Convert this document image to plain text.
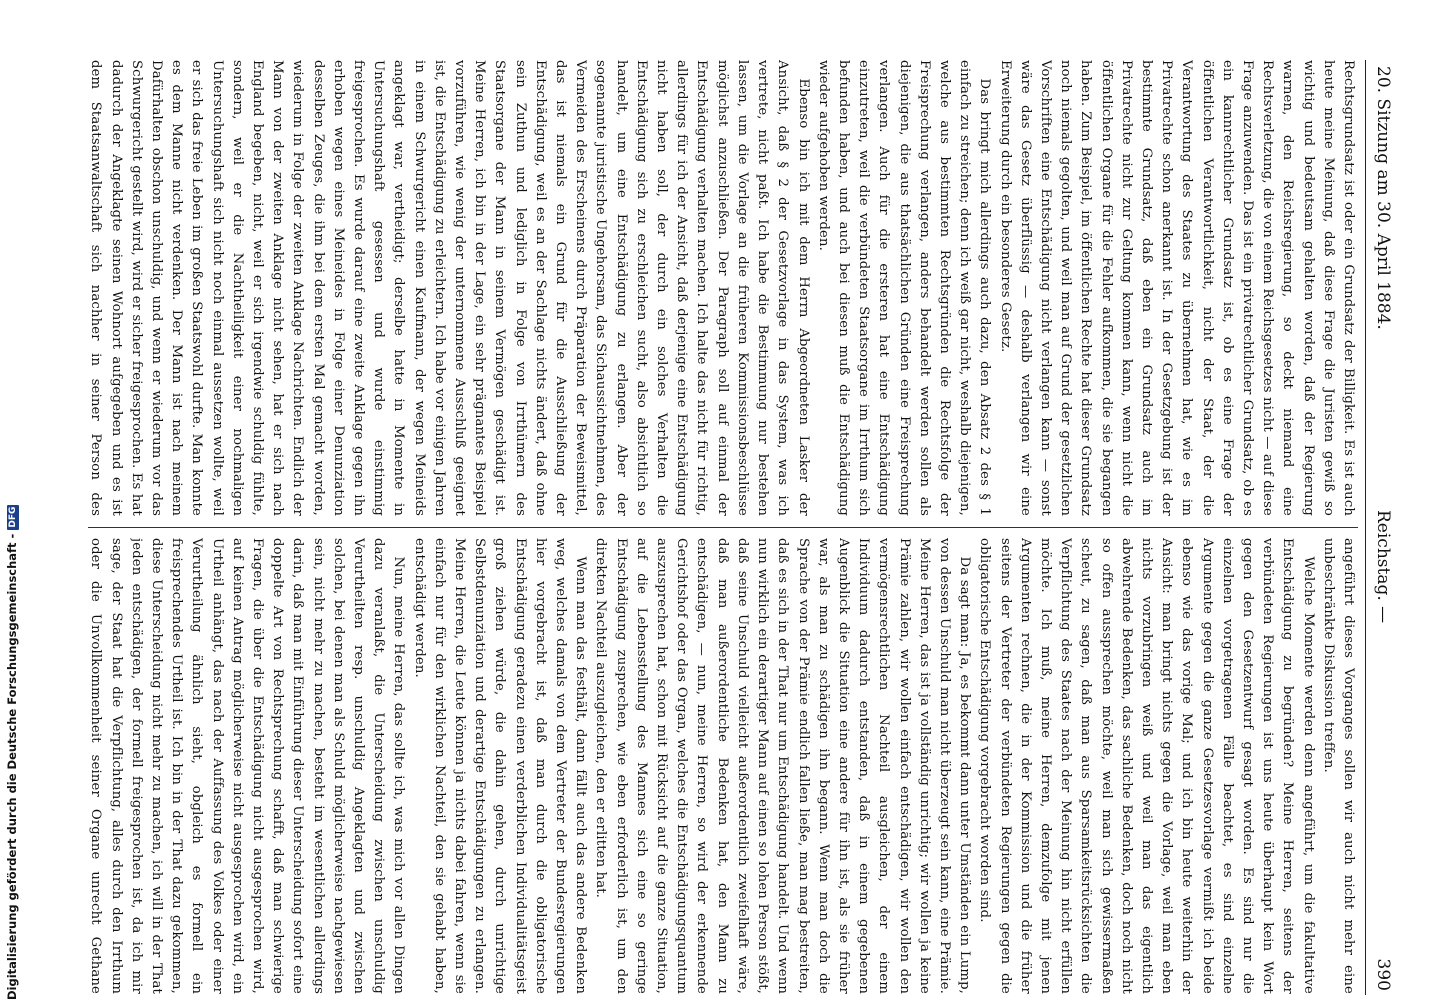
20. Sitzung am 30. April 1884.
Reichstag. —
390

Rechtsgrundsatz ist oder ein Grundsatz der Billigkeit. Es ist auch heute meine Meinung, daß diese Frage die Juristen gewiß so wichtig und bedeutsam gehalten worden, daß der Regierung warnen, den Reichsregierung, so deckt niemand eine Rechtsverletzung, die von einem Reichsgesetzes nicht — auf diese Frage anzuwenden. Das ist ein privatrechtlicher Grundsatz, ob es ein kannrechtlicher Grundsatz ist, ob es eine Frage der öffentlichen Verantwortlichkeit, nicht der Staat, der die Verantwortung des Staates zu übernehmen hat, wie es im Privatrechte schon anerkannt ist. In der Gesetzgebung ist der bestimmte Grundsatz, daß eben ein Grundsatz auch im Privatrechte nicht zur Geltung kommen kann, wenn nicht die öffentlichen Organe für die Fehler aufkommen, die sie begangen haben. Zum Beispiel, im öffentlichen Rechte hat dieser Grundsatz noch niemals gegolten, und weil man auf Grund der gesetzlichen Vorschriften eine Entschädigung nicht verlangen kann — sonst wäre das Gesetz überflüssig — deshalb verlangen wir eine Erweiterung durch ein besonderes Gesetz.

Das bringt mich allerdings auch dazu, den Absatz 2 des § 1 einfach zu streichen; denn ich weiß gar nicht, weshalb diejenigen, welche aus bestimmten Rechtsgründen die Rechtsfolge der Freisprechung verlangen, anders behandelt werden sollen als diejenigen, die aus thatsächlichen Gründen eine Freisprechung verlangen. Auch für die ersteren hat eine Entschädigung einzutreten, weil die verbündeten Staatsorgane im Irrthum sich befunden haben, und auch bei diesen muß die Entschädigung wieder aufgehoben werden.

Ebenso bin ich mit dem Herrn Abgeordneten Lasker der Ansicht, daß § 2 der Gesetzvorlage in das System, was ich vertrete, nicht paßt. Ich habe die Bestimmung nur bestehen lassen, um die Vorlage an die früheren Kommissionsbeschlüsse möglichst anzuschließen. Der Paragraph soll auf einmal der Entschädigung verhalten machen. Ich halte das nicht für richtig, allerdings für ich der Ansicht, daß derjenige eine Entschädigung nicht haben soll, der durch ein solches Verhalten die Entschädigung sich zu erschleichen sucht, also absichtlich so handelt, um eine Entschädigung zu erlangen. Aber der sogenannte juristische Ungehorsam, das Sichaussichtnehmen, des Vermeiden des Erscheinens durch Präparation der Beweismittel, das ist niemals ein Grund für die Ausschließung der Entschädigung, weil es an der Sachlage nichts ändert, daß ohne sein Zuthun und lediglich in Folge von Irrthümern des Staatsorgane der Mann in seinem Vermögen geschädigt ist. Meine Herren, ich bin in der Lage, ein sehr prägnantes Beispiel vorzuführen, wie wenig der unternommene Ausschluß geeignet ist, die Entschädigung zu erleichtern. Ich habe vor einigen Jahren in einem Schwurgericht einen Kaufmann, der wegen Meineids angeklagt war, vertheidigt; derselbe hatte in Momente in Untersuchungshaft gesessen und wurde einstimmig freigesprochen. Es wurde darauf eine zweite Anklage gegen ihn erhoben wegen eines Meineides in Folge einer Denunziation desselben Zeuges, die ihm bei dem ersten Mal gemacht worden, wiederum in Folge der zweiten Anklage Nachrichten. Endlich der Mann von der zweiten Anklage nicht sehen, hat er sich nach England begeben, nicht, weil er sich irgendwie schuldig fühlte, sondern, weil er die Nachtheiligkeit einer nochmaligen Untersuchungshaft sich nicht noch einmal aussetzen wollte, weil er sich das freie Leben im großen Staatswohl durfte. Man konnte es dem Manne nicht verdenken. Der Mann ist nach meinem Dafürhalten obschon unschuldig, und wenn er wiederum vor das Schwurgericht gestellt wird, wird er sicher freigesprochen. Es hat dadurch der Angeklagte seinen Wohnort aufgegeben und es ist dem Staatsanwaltschaft sich nachher in seiner Person des

angeführt dieses Vorganges sollen wir auch nicht mehr eine unbeschränkte Diskussion treffen.

Welche Momente werden denn angeführt, um die fakultative Entschädigung zu begründen? Meine Herren, seitens der verbündeten Regierungen ist uns heute überhaupt kein Wort gegen den Gesetzentwurf gesagt worden. Es sind nur die einzelnen vorgetragenen Fälle beachtet, es sind einzelne Argumente gegen die ganze Gesetzesvorlage vermißt ich beide ebenso wie das vorige Mal; und ich bin heute weiterhin der Ansicht: man bringt nichts gegen die Vorlage, weil man eben nichts vorzubringen weiß und weil man das eigentlich abwehrende Bedenken, das sachliche Bedenken, doch noch nicht so offen aussprechen möchte, weil man sich gewissermaßen scheut, zu sagen, daß man aus Sparsamkeitsrücksichten die Verpflichtung des Staates nach der Meinung hin nicht erfüllen möchte. Ich muß, meine Herren, demzufolge mit jenen Argumenten rechnen, die in der Kommission und die früher seitens der Vertreter der verbündeten Regierungen gegen die obligatorische Entschädigung vorgebracht worden sind.

Da sagt man: Ja, es bekommt dann unter Umständen ein Lump, von dessen Unschuld man nicht überzeugt sein kann, eine Prämie. Meine Herren, das ist ja vollständig unrichtig; wir wollen ja keine Prämie zahlen, wir wollen einfach entschädigen, wir wollen den vermögensrechtlichen Nachteil ausgleichen, der einem Individuum dadurch entstanden, daß in einem gegebenen Augenblick die Situation eine andere für ihn ist, als sie früher war, als man zu schädigen ihn begann. Wenn man doch die Sprache von der Prämie endlich fallen ließe, man mag bestreiten, daß es sich in der That nur um Entschädigung handelt. Und wenn nun wirklich ein derartiger Mann auf einen so lohen Person stößt, daß seine Unschuld vielleicht außerordentlich zweifelhaft wäre, daß man außerordentliche Bedenken hat, den Mann zu entschädigen, — nun, meine Herren, so wird der erkennende Gerichtshof oder das Organ, welches die Entschädigungsquantum auszusprechen hat, schon mit Rücksicht auf die ganze Situation, auf die Lebensstellung des Mannes sich eine so geringe Entschädigung zusprechen, wie eben erforderlich ist, um den direkten Nachteil auszugleichen, den er erlitten hat.

Wenn man das festhält, dann fällt auch das andere Bedenken weg, welches damals von dem Vertreter der Bundesregierungen hier vorgebracht ist, daß man durch die obligatorische Entschädigung geradezu einen verderblichen Individualitätsgeist groß ziehen würde, die dahin gehen, durch unrichtige Selbstdenunziation und derartige Entschädigungen zu erlangen. Meine Herren, die Leute können ja nichts dabei fahren, wenn sie einfach nur für den wirklichen Nachteil, den sie gehabt haben, entschädigt werden.

Nun, meine Herren, das sollte ich, was mich vor allen Dingen dazu veranlaßt, die Unterscheidung zwischen unschuldig Verurtheilten resp. unschuldig Angeklagten und zwischen solchen, bei denen man als Schuld möglicherweise nachgewiesen sein, nicht mehr zu machen, besteht im wesentlichen allerdings darin, daß man mit Einführung dieser Unterscheidung sofort eine doppelte Art von Rechtsprechung schafft, daß man schwierige Fragen, die über die Entschädigung nicht ausgesprochen wird, auf keinen Antrag möglicherweise nicht ausgesprochen wird, ein Urtheil anhängt, das nach der Auffassung des Volkes oder einer Verurtheilung ähnlich sieht, obgleich es formell ein freisprechendes Urtheil ist. Ich bin in der That dazu gekommen, diese Unterscheidung nicht mehr zu machen, ich will in der That jeden entschädigen, der formell freigesprochen ist, da ich mir sage, der Staat hat die Verpflichtung, alles durch den Irrthum oder die Unvollkommenheit seiner Organe unrecht Gethane

Digitalisierung gefördert durch die Deutsche Forschungsgemeinschaft -DFG
